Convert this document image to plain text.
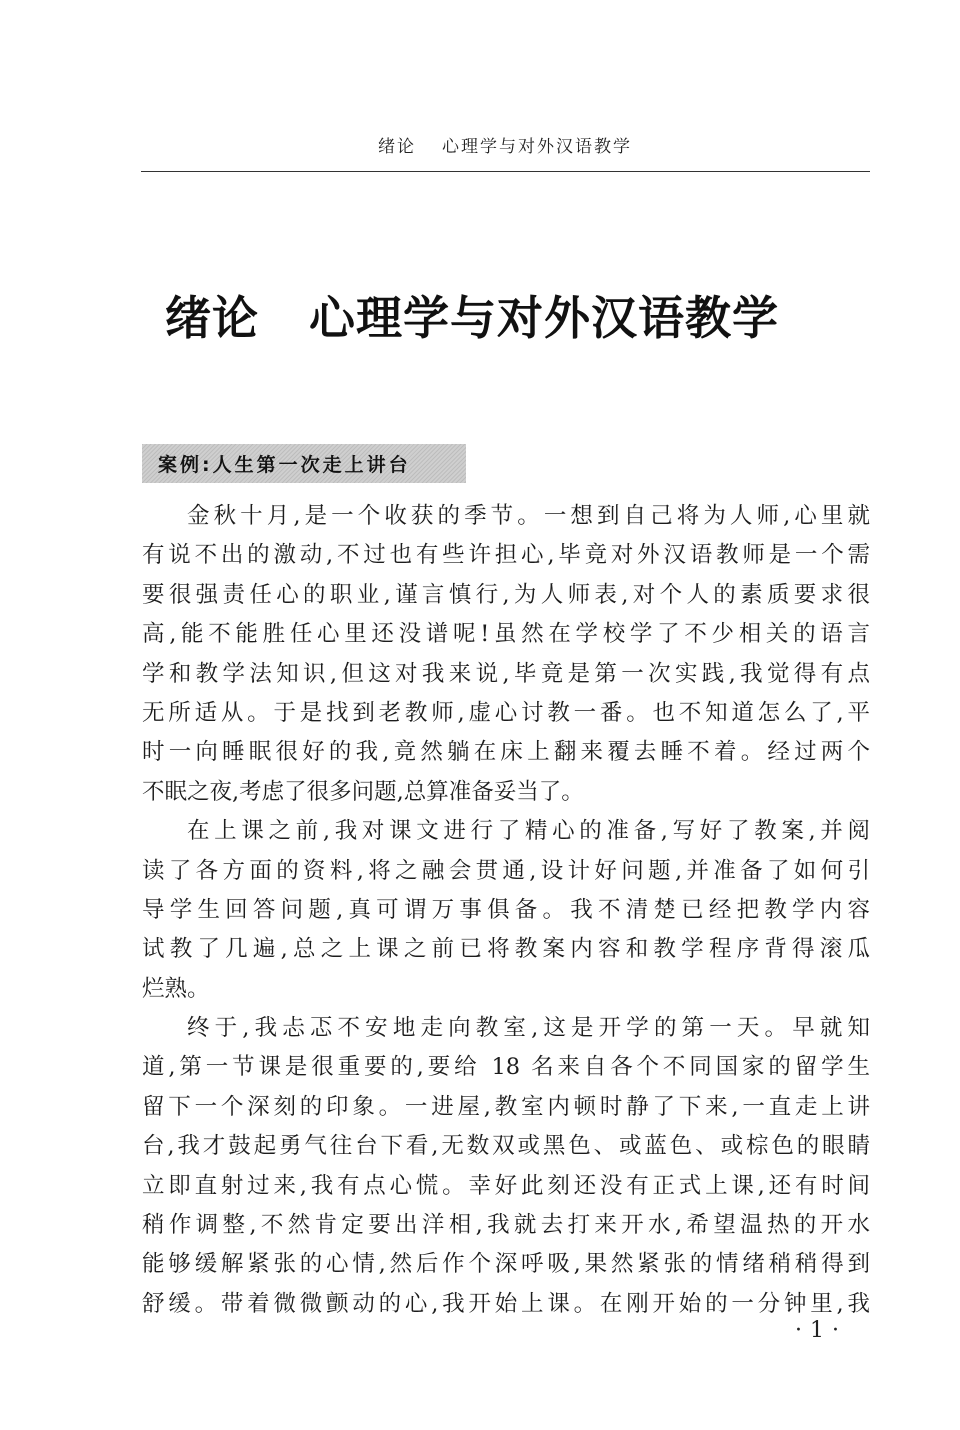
绪论 心理学与对外汉语教学
绪论 心理学与对外汉语教学
案例:人生第一次走上讲台
金秋十月,是一个收获的季节。一想到自己将为人师,心里就
有说不出的激动,不过也有些许担心,毕竟对外汉语教师是一个需
要很强责任心的职业,谨言慎行,为人师表,对个人的素质要求很
高,能不能胜任心里还没谱呢!虽然在学校学了不少相关的语言
学和教学法知识,但这对我来说,毕竟是第一次实践,我觉得有点
无所适从。于是找到老教师,虚心讨教一番。也不知道怎么了,平
时一向睡眠很好的我,竟然躺在床上翻来覆去睡不着。经过两个
不眠之夜,考虑了很多问题,总算准备妥当了。
在上课之前,我对课文进行了精心的准备,写好了教案,并阅
读了各方面的资料,将之融会贯通,设计好问题,并准备了如何引
导学生回答问题,真可谓万事俱备。我不清楚已经把教学内容
试教了几遍,总之上课之前已将教案内容和教学程序背得滚瓜
烂熟。
终于,我忐忑不安地走向教室,这是开学的第一天。早就知
道,第一节课是很重要的,要给 18 名来自各个不同国家的留学生
留下一个深刻的印象。一进屋,教室内顿时静了下来,一直走上讲
台,我才鼓起勇气往台下看,无数双或黑色、或蓝色、或棕色的眼睛
立即直射过来,我有点心慌。幸好此刻还没有正式上课,还有时间
稍作调整,不然肯定要出洋相,我就去打来开水,希望温热的开水
能够缓解紧张的心情,然后作个深呼吸,果然紧张的情绪稍稍得到
舒缓。带着微微颤动的心,我开始上课。在刚开始的一分钟里,我
·1·
